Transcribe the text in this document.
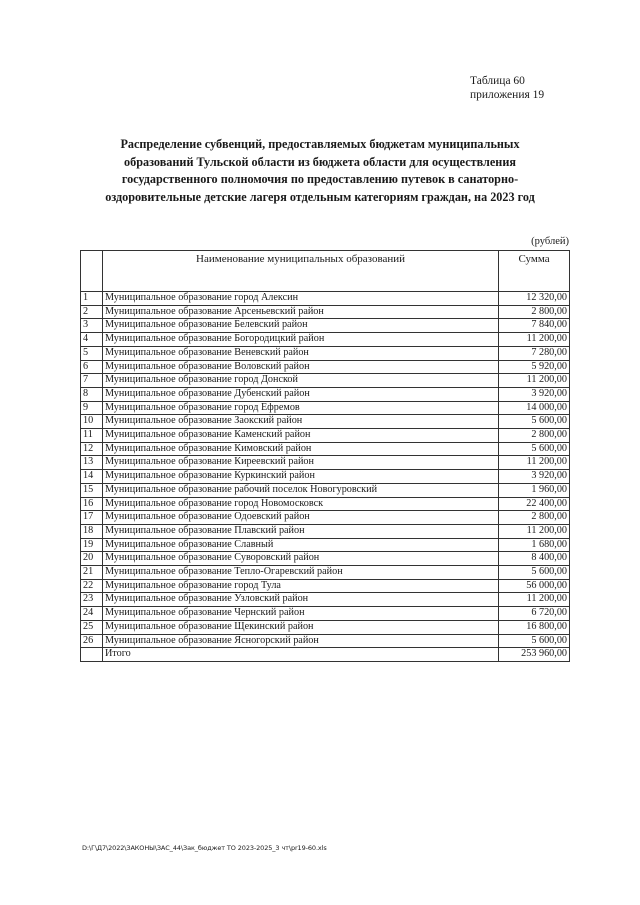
Таблица 60
приложения 19
Распределение субвенций, предоставляемых бюджетам муниципальных образований Тульской области из бюджета области для осуществления государственного полномочия по предоставлению путевок в санаторно-оздоровительные детские лагеря отдельным категориям граждан, на 2023 год
(рублей)
	Наименование муниципальных образований	Сумма
1	Муниципальное образование город Алексин	12 320,00
2	Муниципальное образование Арсеньевский район	2 800,00
3	Муниципальное образование Белевский район	7 840,00
4	Муниципальное образование Богородицкий район	11 200,00
5	Муниципальное образование Веневский район	7 280,00
6	Муниципальное образование Воловский район	5 920,00
7	Муниципальное образование город Донской	11 200,00
8	Муниципальное образование Дубенский район	3 920,00
9	Муниципальное образование город Ефремов	14 000,00
10	Муниципальное образование Заокский район	5 600,00
11	Муниципальное образование Каменский район	2 800,00
12	Муниципальное образование Кимовский район	5 600,00
13	Муниципальное образование Киреевский район	11 200,00
14	Муниципальное образование Куркинский район	3 920,00
15	Муниципальное образование рабочий поселок Новогуровский	1 960,00
16	Муниципальное образование город Новомосковск	22 400,00
17	Муниципальное образование Одоевский район	2 800,00
18	Муниципальное образование Плавский район	11 200,00
19	Муниципальное образование Славный	1 680,00
20	Муниципальное образование Суворовский район	8 400,00
21	Муниципальное образование Тепло-Огаревский район	5 600,00
22	Муниципальное образование город Тула	56 000,00
23	Муниципальное образование Узловский район	11 200,00
24	Муниципальное образование Чернский район	6 720,00
25	Муниципальное образование Щекинский район	16 800,00
26	Муниципальное образование Ясногорский район	5 600,00
	Итого	253 960,00
D:\Г\Д7\2022\ЗАКОНЫ\ЗАС_44\Зак_бюджет ТО 2023-2025_3 чт\pr19-60.xls
